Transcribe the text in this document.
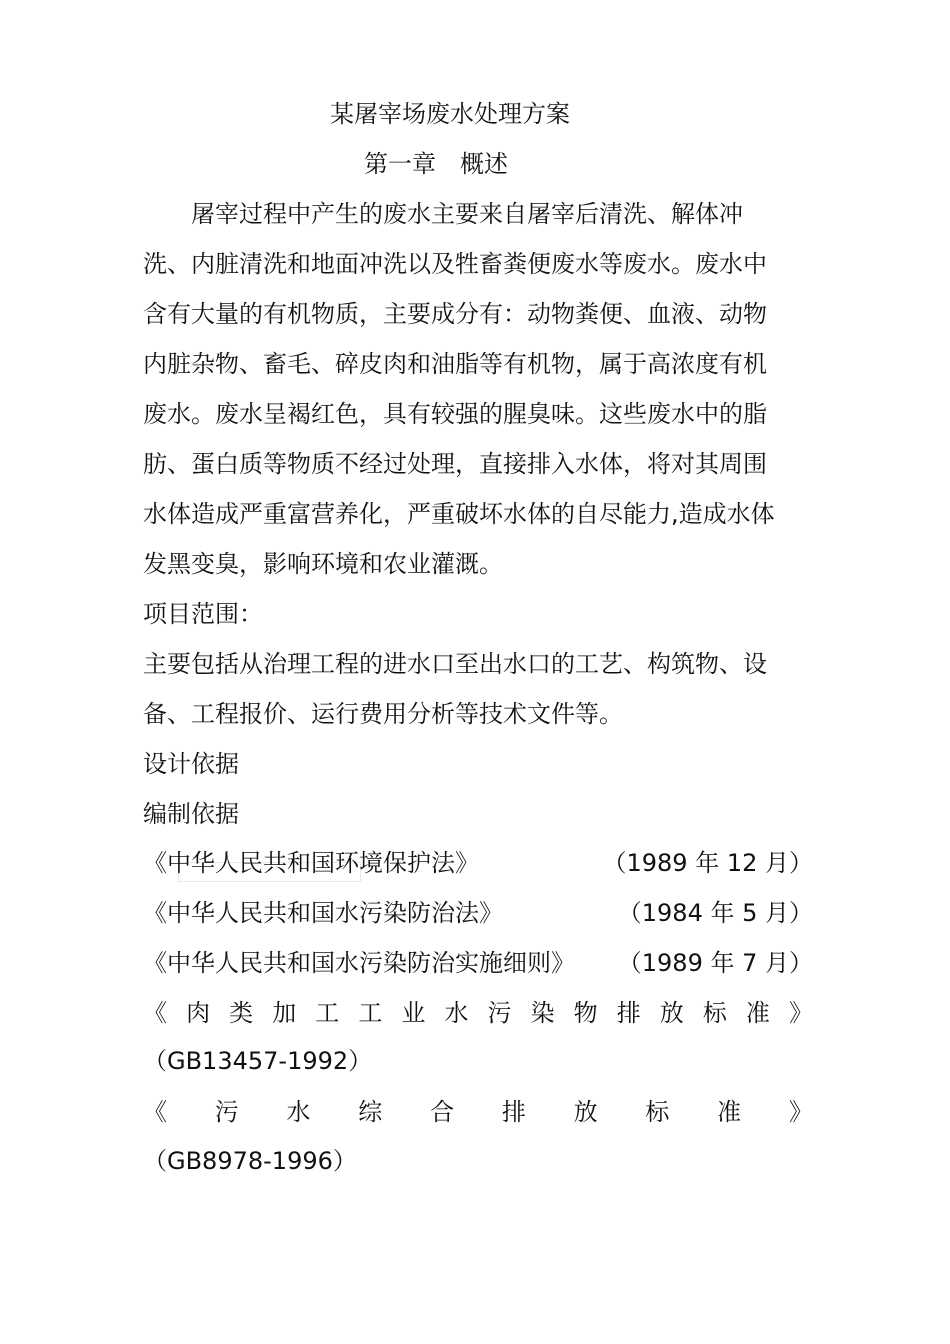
某屠宰场废水处理方案
第一章　概述
　　屠宰过程中产生的废水主要来自屠宰后清洗、解体冲
洗、内脏清洗和地面冲洗以及牲畜粪便废水等废水。废水中
含有大量的有机物质，主要成分有：动物粪便、血液、动物
内脏杂物、畜毛、碎皮肉和油脂等有机物，属于高浓度有机
废水。废水呈褐红色，具有较强的腥臭味。这些废水中的脂
肪、蛋白质等物质不经过处理，直接排入水体，将对其周围
水体造成严重富营养化，严重破坏水体的自尽能力,造成水体
发黑变臭，影响环境和农业灌溉。
项目范围：
主要包括从治理工程的进水口至出水口的工艺、构筑物、设
备、工程报价、运行费用分析等技术文件等。
设计依据
编制依据
《中华人民共和国环境保护法》	（1989 年 12 月）
《中华人民共和国水污染防治法》	（1984 年 5 月）
《中华人民共和国水污染防治实施细则》 （1989 年 7 月）
《 肉 类 加 工 工 业 水 污 染 物 排 放 标 准 》
（GB13457-1992）
《 污 水 综 合 排 放 标 准 》
（GB8978-1996）
